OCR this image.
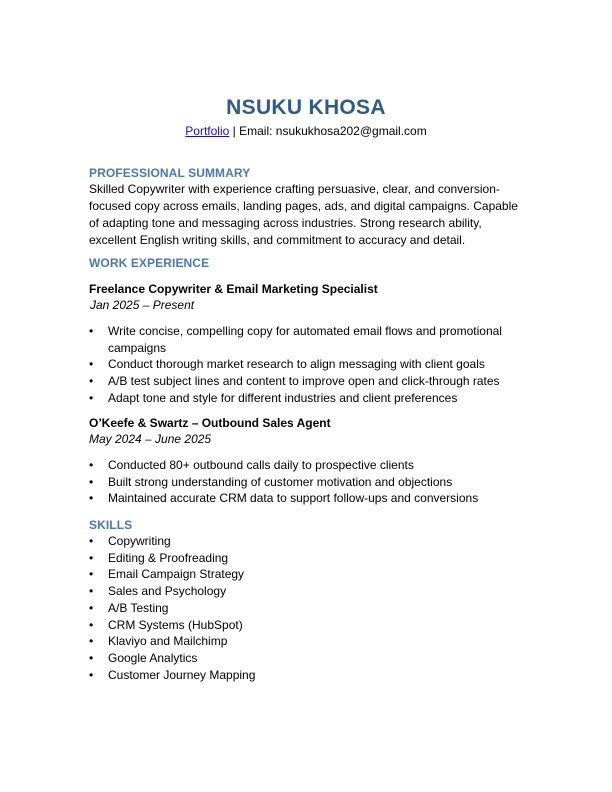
NSUKU KHOSA
Portfolio | Email: nsukukhosa202@gmail.com
PROFESSIONAL SUMMARY
Skilled Copywriter with experience crafting persuasive, clear, and conversion-
focused copy across emails, landing pages, ads, and digital campaigns. Capable
of adapting tone and messaging across industries. Strong research ability,
excellent English writing skills, and commitment to accuracy and detail.
WORK EXPERIENCE
Freelance Copywriter & Email Marketing Specialist
Jan 2025 – Present
•	Write concise, compelling copy for automated email flows and promotional
campaigns
•	Conduct thorough market research to align messaging with client goals
•	A/B test subject lines and content to improve open and click-through rates
•	Adapt tone and style for different industries and client preferences
O’Keefe & Swartz – Outbound Sales Agent
May 2024 – June 2025
•	Conducted 80+ outbound calls daily to prospective clients
•	Built strong understanding of customer motivation and objections
•	Maintained accurate CRM data to support follow-ups and conversions
SKILLS
•	Copywriting
•	Editing & Proofreading
•	Email Campaign Strategy
•	Sales and Psychology
•	A/B Testing
•	CRM Systems (HubSpot)
•	Klaviyo and Mailchimp
•	Google Analytics
•	Customer Journey Mapping
